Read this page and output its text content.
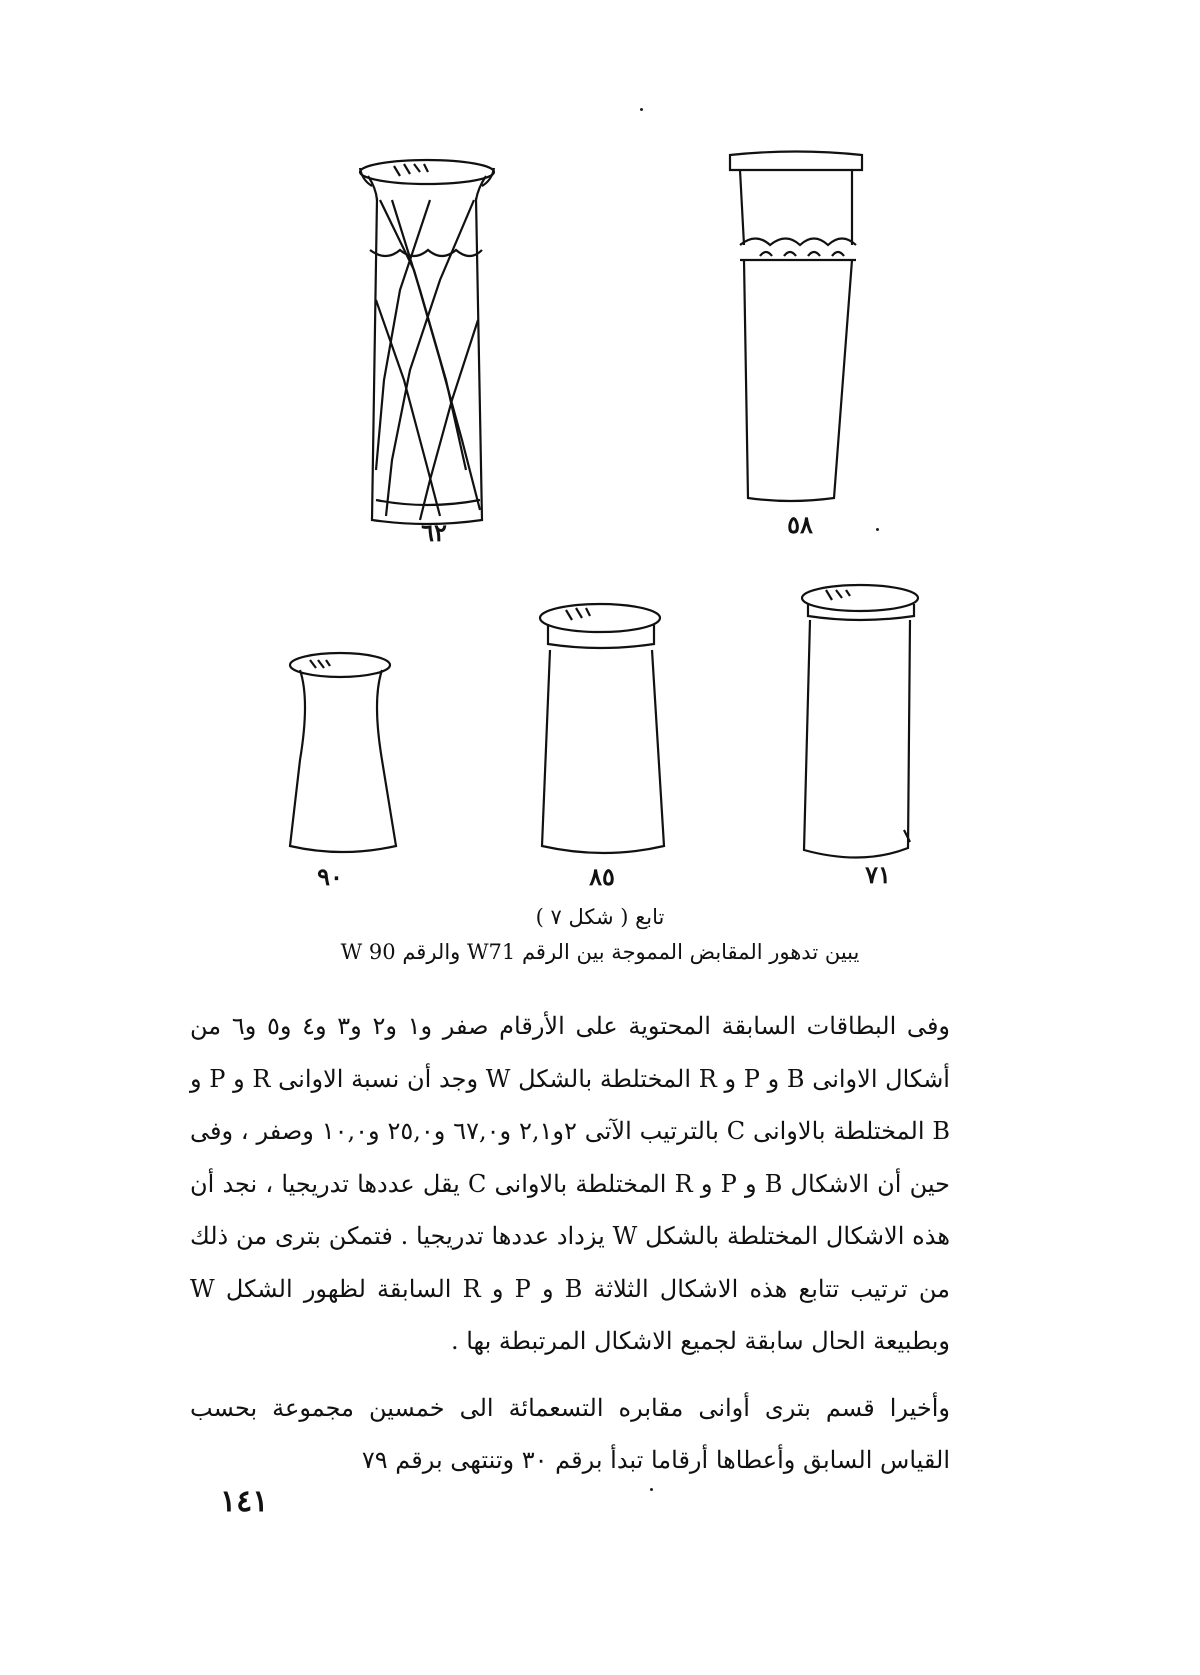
٦٢	٥٨
٩٠	٨٥	٧١
تابع ( شكل ٧ )
يبين تدهور المقابض المموجة بين الرقم W71 والرقم W 90

وفى البطاقات السابقة المحتوية على الأرقام صفر و١ و٢ و٣ و٤ و٥ و٦ من أشكال الاوانى B و P و R المختلطة بالشكل W وجد أن نسبة الاوانى R و P و B المختلطة بالاوانى C بالترتيب الآتى ٢و٢,١ و٦٧,٠ و٢٥,٠ و١٠,٠ وصفر ، وفى حين أن الاشكال B و P و R المختلطة بالاوانى C يقل عددها تدريجيا ، نجد أن هذه الاشكال المختلطة بالشكل W يزداد عددها تدريجيا . فتمكن بترى من ذلك من ترتيب تتابع هذه الاشكال الثلاثة B و P و R السابقة لظهور الشكل W وبطبيعة الحال سابقة لجميع الاشكال المرتبطة بها .

وأخيرا قسم بترى أوانى مقابره التسعمائة الى خمسين مجموعة بحسب القياس السابق وأعطاها أرقاما تبدأ برقم ٣٠ وتنتهى برقم ٧٩

١٤١
